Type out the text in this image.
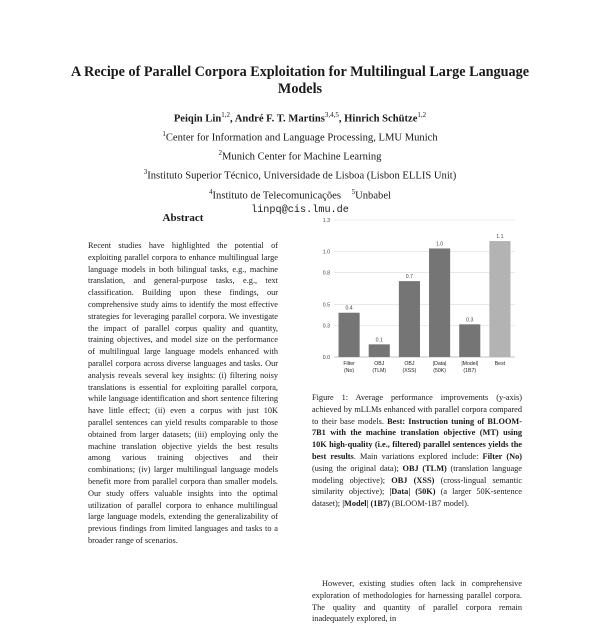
A Recipe of Parallel Corpora Exploitation for Multilingual Large Language Models
Peiqin Lin$^{1,2}$, André F. T. Martins$^{3,4,5}$, Hinrich Schütze$^{1,2}$
$^1$Center for Information and Language Processing, LMU Munich
$^2$Munich Center for Machine Learning
$^3$Instituto Superior Técnico, Universidade de Lisboa (Lisbon ELLIS Unit)
$^4$Instituto de Telecomunicações $^5$Unbabel
linpq@cis.lmu.de
Abstract
Recent studies have highlighted the potential of exploiting parallel corpora to enhance multilingual large language models in both bilingual tasks, e.g., machine translation, and general-purpose tasks, e.g., text classification. Building upon these findings, our comprehensive study aims to identify the most effective strategies for leveraging parallel corpora. We investigate the impact of parallel corpus quality and quantity, training objectives, and model size on the performance of multilingual large language models enhanced with parallel corpora across diverse languages and tasks. Our analysis reveals several key insights: (i) filtering noisy translations is essential for exploiting parallel corpora, while language identification and short sentence filtering have little effect; (ii) even a corpus with just 10K parallel sentences can yield results comparable to those obtained from larger datasets; (iii) employing only the machine translation objective yields the best results among various training objectives and their combinations; (iv) larger multilingual language models benefit more from parallel corpora than smaller models. Our study offers valuable insights into the optimal utilization of parallel corpora to enhance multilingual large language models, extending the generalizability of previous findings from limited languages and tasks to a broader range of scenarios.
0.0
0.3
0.5
0.8
1.0
1.3
0.4
Filter
(No)
0.1
OBJ
(TLM)
0.7
OBJ
(XSS)
1.0
|Data|
(50K)
0.3
|Model|
(1B7)
1.1
Best
Figure 1: Average performance improvements (y-axis) achieved by mLLMs enhanced with parallel corpora compared to their base models. Best: Instruction tuning of BLOOM-7B1 with the machine translation objective (MT) using 10K high-quality (i.e., filtered) parallel sentences yields the best results. Main variations explored include: Filter (No) (using the original data); OBJ (TLM) (translation language modeling objective); OBJ (XSS) (cross-lingual semantic similarity objective); |Data| (50K) (a larger 50K-sentence dataset); |Model| (1B7) (BLOOM-1B7 model).
However, existing studies often lack in comprehensive exploration of methodologies for harnessing parallel corpora. The quality and quantity of parallel corpora remain inadequately explored, in
